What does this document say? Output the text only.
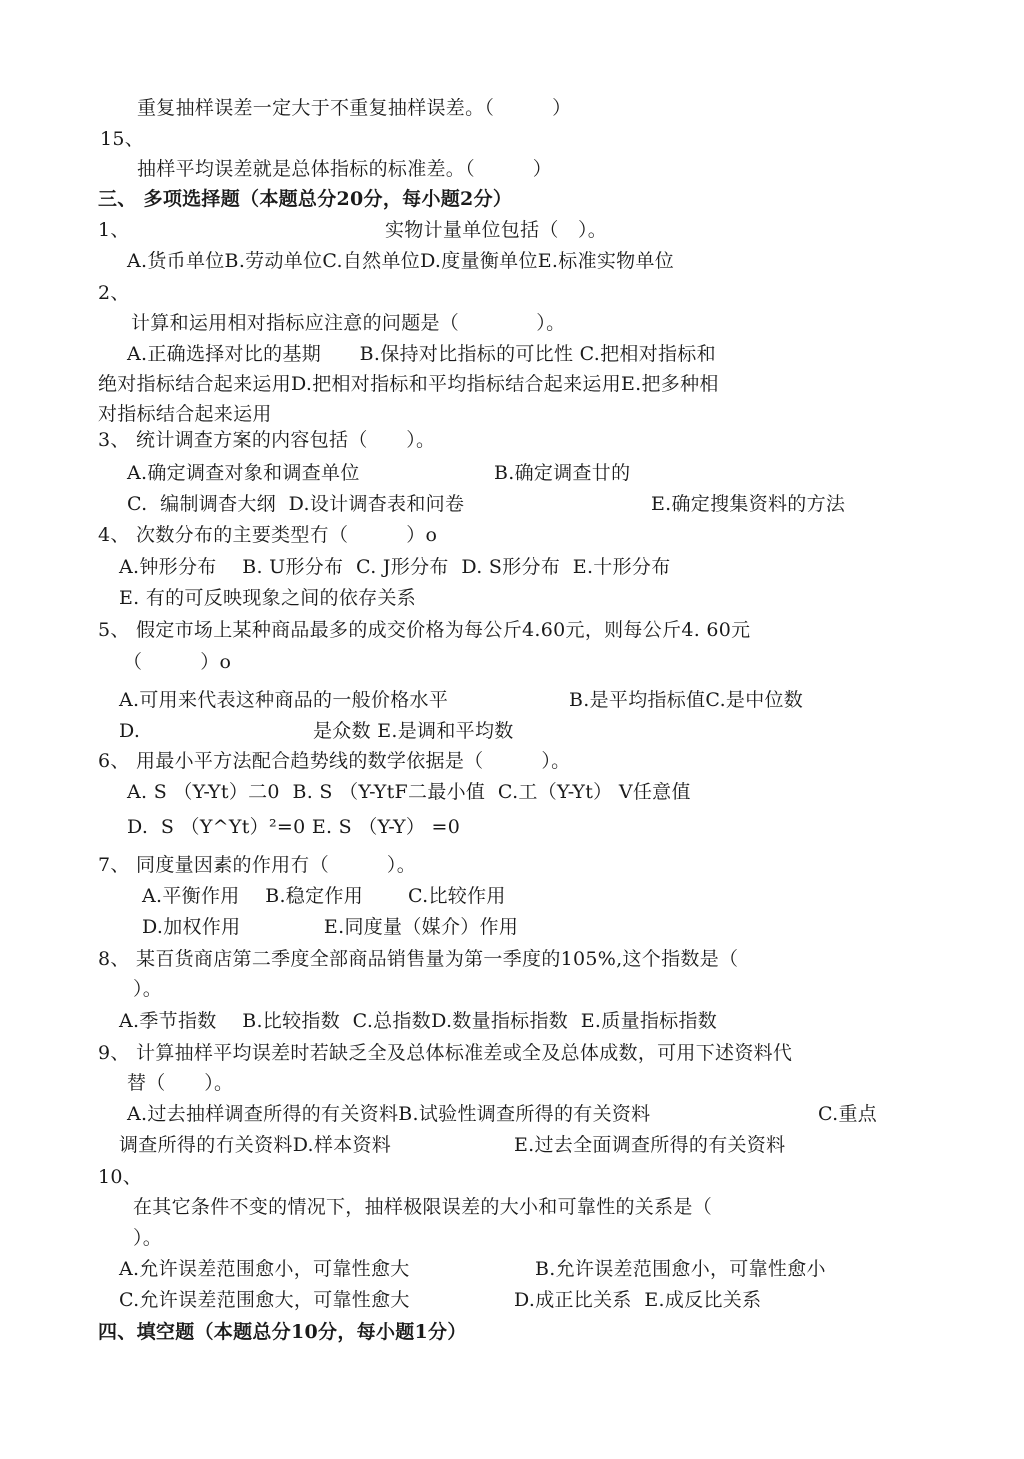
重复抽样误差一定大于不重复抽样误差。（　　　）
15、
抽样平均误差就是总体指标的标准差。（　　　）
三、 多项选择题（本题总分20分，每小题2分）
1、	实物计量单位包括（　）。
A.货币单位B.劳动单位C.自然单位D.度量衡单位E.标准实物单位
2、
计算和运用相对指标应注意的问题是（　　　　）。
A.正确选择对比的基期　　B.保持对比指标的可比性 C.把相对指标和
绝对指标结合起来运用D.把相对指标和平均指标结合起来运用E.把多种相
对指标结合起来运用
3、 统计调查方案的内容包括（　　）。
A.确定调查对象和调查单位	B.确定调查廿的
C.  编制调杳大纲  D.设计调杳表和问卷	E.确定搜集资料的方法
4、 次数分布的主要类型冇（　　　）o
A.钟形分布　 B. U形分布  C. J形分布  D. S形分布  E.十形分布
E. 有的可反映现象之间的依存关系
5、 假定市场上某种商品最多的成交价格为每公斤4.60元，则每公斤4. 60元
（　　　）o
A.可用来代表这种商品的一般价格水平	B.是平均指标值C.是中位数
D.	是众数 E.是调和平均数
6、 用最小平方法配合趋势线的数学依据是（　　　）。
A. S （Y-Yt）二0  B. S （Y-YtF二最小值  C.工（Y-Yt） V任意值
D.  S （Y^Yt）²=0 E. S （Y-Y） =0
7、 同度量因素的作用冇（　　　）。
A.平衡作用　 B.稳定作用　　 C.比较作用
D.加权作用　　　　 E.同度量（媒介）作用
8、 某百货商店第二季度全部商品销售量为第一季度的105%,这个指数是（
）。
A.季节指数　 B.比较指数  C.总指数D.数量指标指数  E.质量指标指数
9、 计算抽样平均误差时若缺乏全及总体标准差或全及总体成数，可用下述资料代
替（　　）。
A.过去抽样调查所得的有关资料B.试验性调查所得的有关资料	C.重点
调查所得的冇关资料D.样本资料	E.过去全面调查所得的有关资料
10、
在其它条件不变的情况下，抽样极限误差的大小和可靠性的关系是（
）。
A.允许误差范围愈小，可靠性愈大	B.允许误差范围愈小，可靠性愈小
C.允许误差范围愈大，可靠性愈大	D.成正比关系  E.成反比关系
四、填空题（本题总分10分，每小题1分）
